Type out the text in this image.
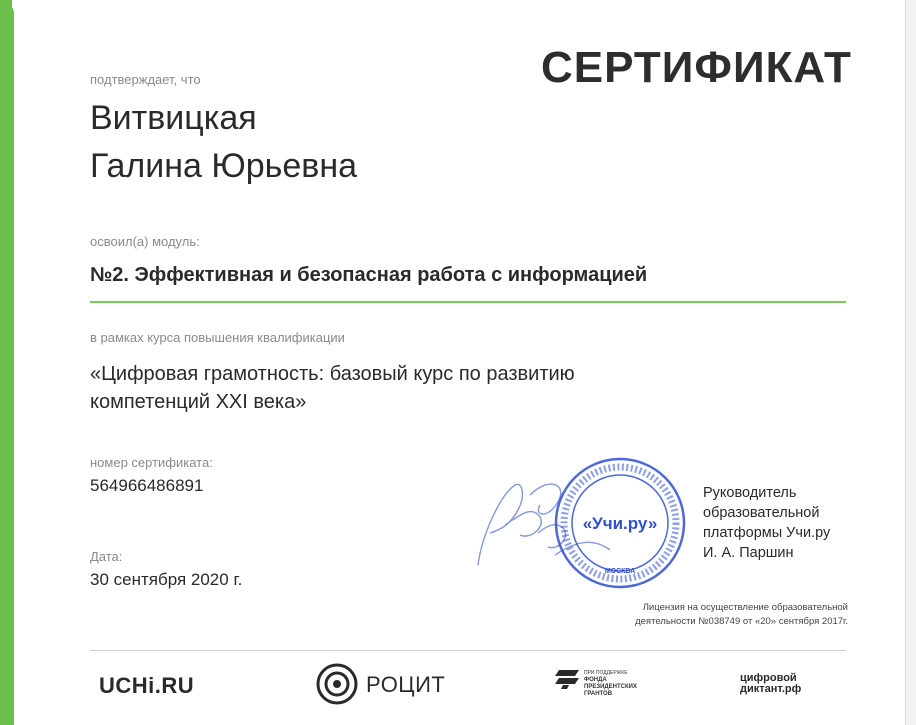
СЕРТИФИКАТ
подтверждает, что
Витвицкая
Галина Юрьевна
освоил(а) модуль:
№2. Эффективная и безопасная работа с информацией
в рамках курса повышения квалификации
«Цифровая грамотность: базовый курс по развитию компетенций XXI века»
номер сертификата:
564966486891
Дата:
30 сентября 2020 г.
«Учи.ру»
МОСКВА
Руководитель
образовательной
платформы Учи.ру
И. А. Паршин
Лицензия на осуществление образовательной
деятельности №038749 от «20» сентября 2017г.
UCHi.RU	РОЦИТ	ПРИ ПОДДЕРЖКЕ
ФОНДА
ПРЕЗИДЕНТСКИХ
ГРАНТОВ
цифровой
диктант.рф
